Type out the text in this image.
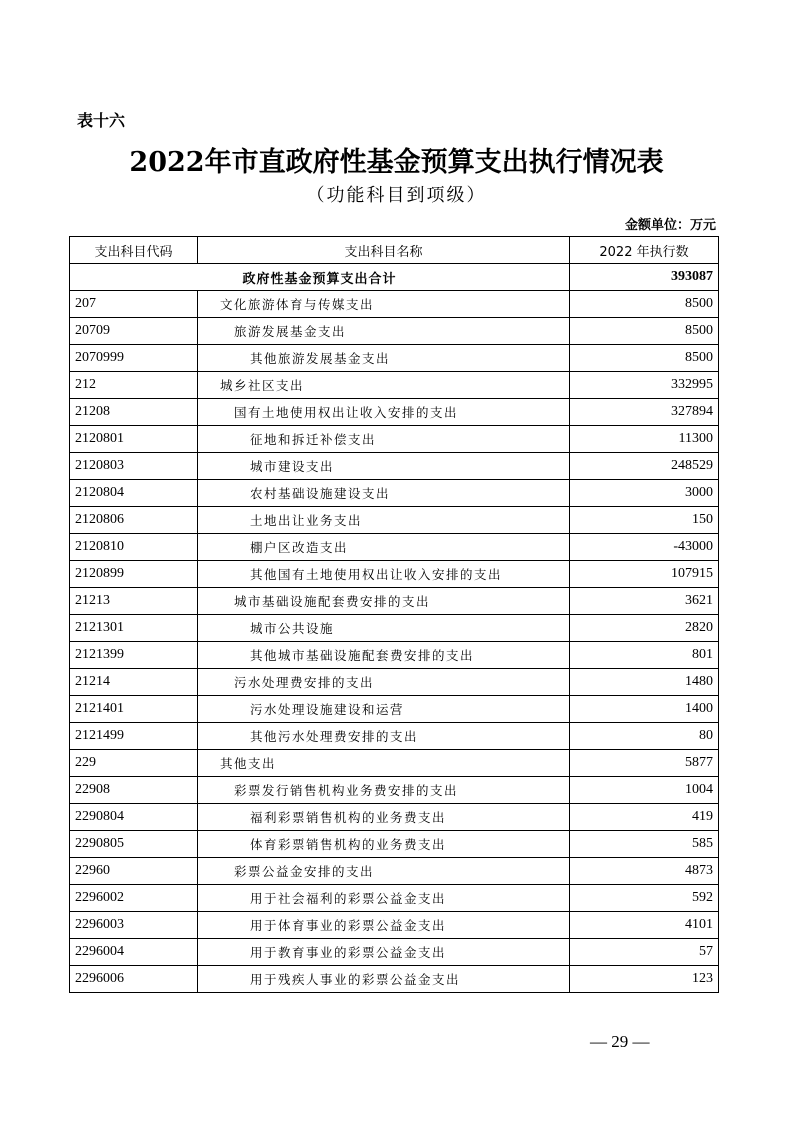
表十六
2022年市直政府性基金预算支出执行情况表
（功能科目到项级）
金额单位：万元
支出科目代码	支出科目名称	2022 年执行数
政府性基金预算支出合计		393087
207	文化旅游体育与传媒支出	8500
20709	旅游发展基金支出	8500
2070999	其他旅游发展基金支出	8500
212	城乡社区支出	332995
21208	国有土地使用权出让收入安排的支出	327894
2120801	征地和拆迁补偿支出	11300
2120803	城市建设支出	248529
2120804	农村基础设施建设支出	3000
2120806	土地出让业务支出	150
2120810	棚户区改造支出	-43000
2120899	其他国有土地使用权出让收入安排的支出	107915
21213	城市基础设施配套费安排的支出	3621
2121301	城市公共设施	2820
2121399	其他城市基础设施配套费安排的支出	801
21214	污水处理费安排的支出	1480
2121401	污水处理设施建设和运营	1400
2121499	其他污水处理费安排的支出	80
229	其他支出	5877
22908	彩票发行销售机构业务费安排的支出	1004
2290804	福利彩票销售机构的业务费支出	419
2290805	体育彩票销售机构的业务费支出	585
22960	彩票公益金安排的支出	4873
2296002	用于社会福利的彩票公益金支出	592
2296003	用于体育事业的彩票公益金支出	4101
2296004	用于教育事业的彩票公益金支出	57
2296006	用于残疾人事业的彩票公益金支出	123
— 29 —
